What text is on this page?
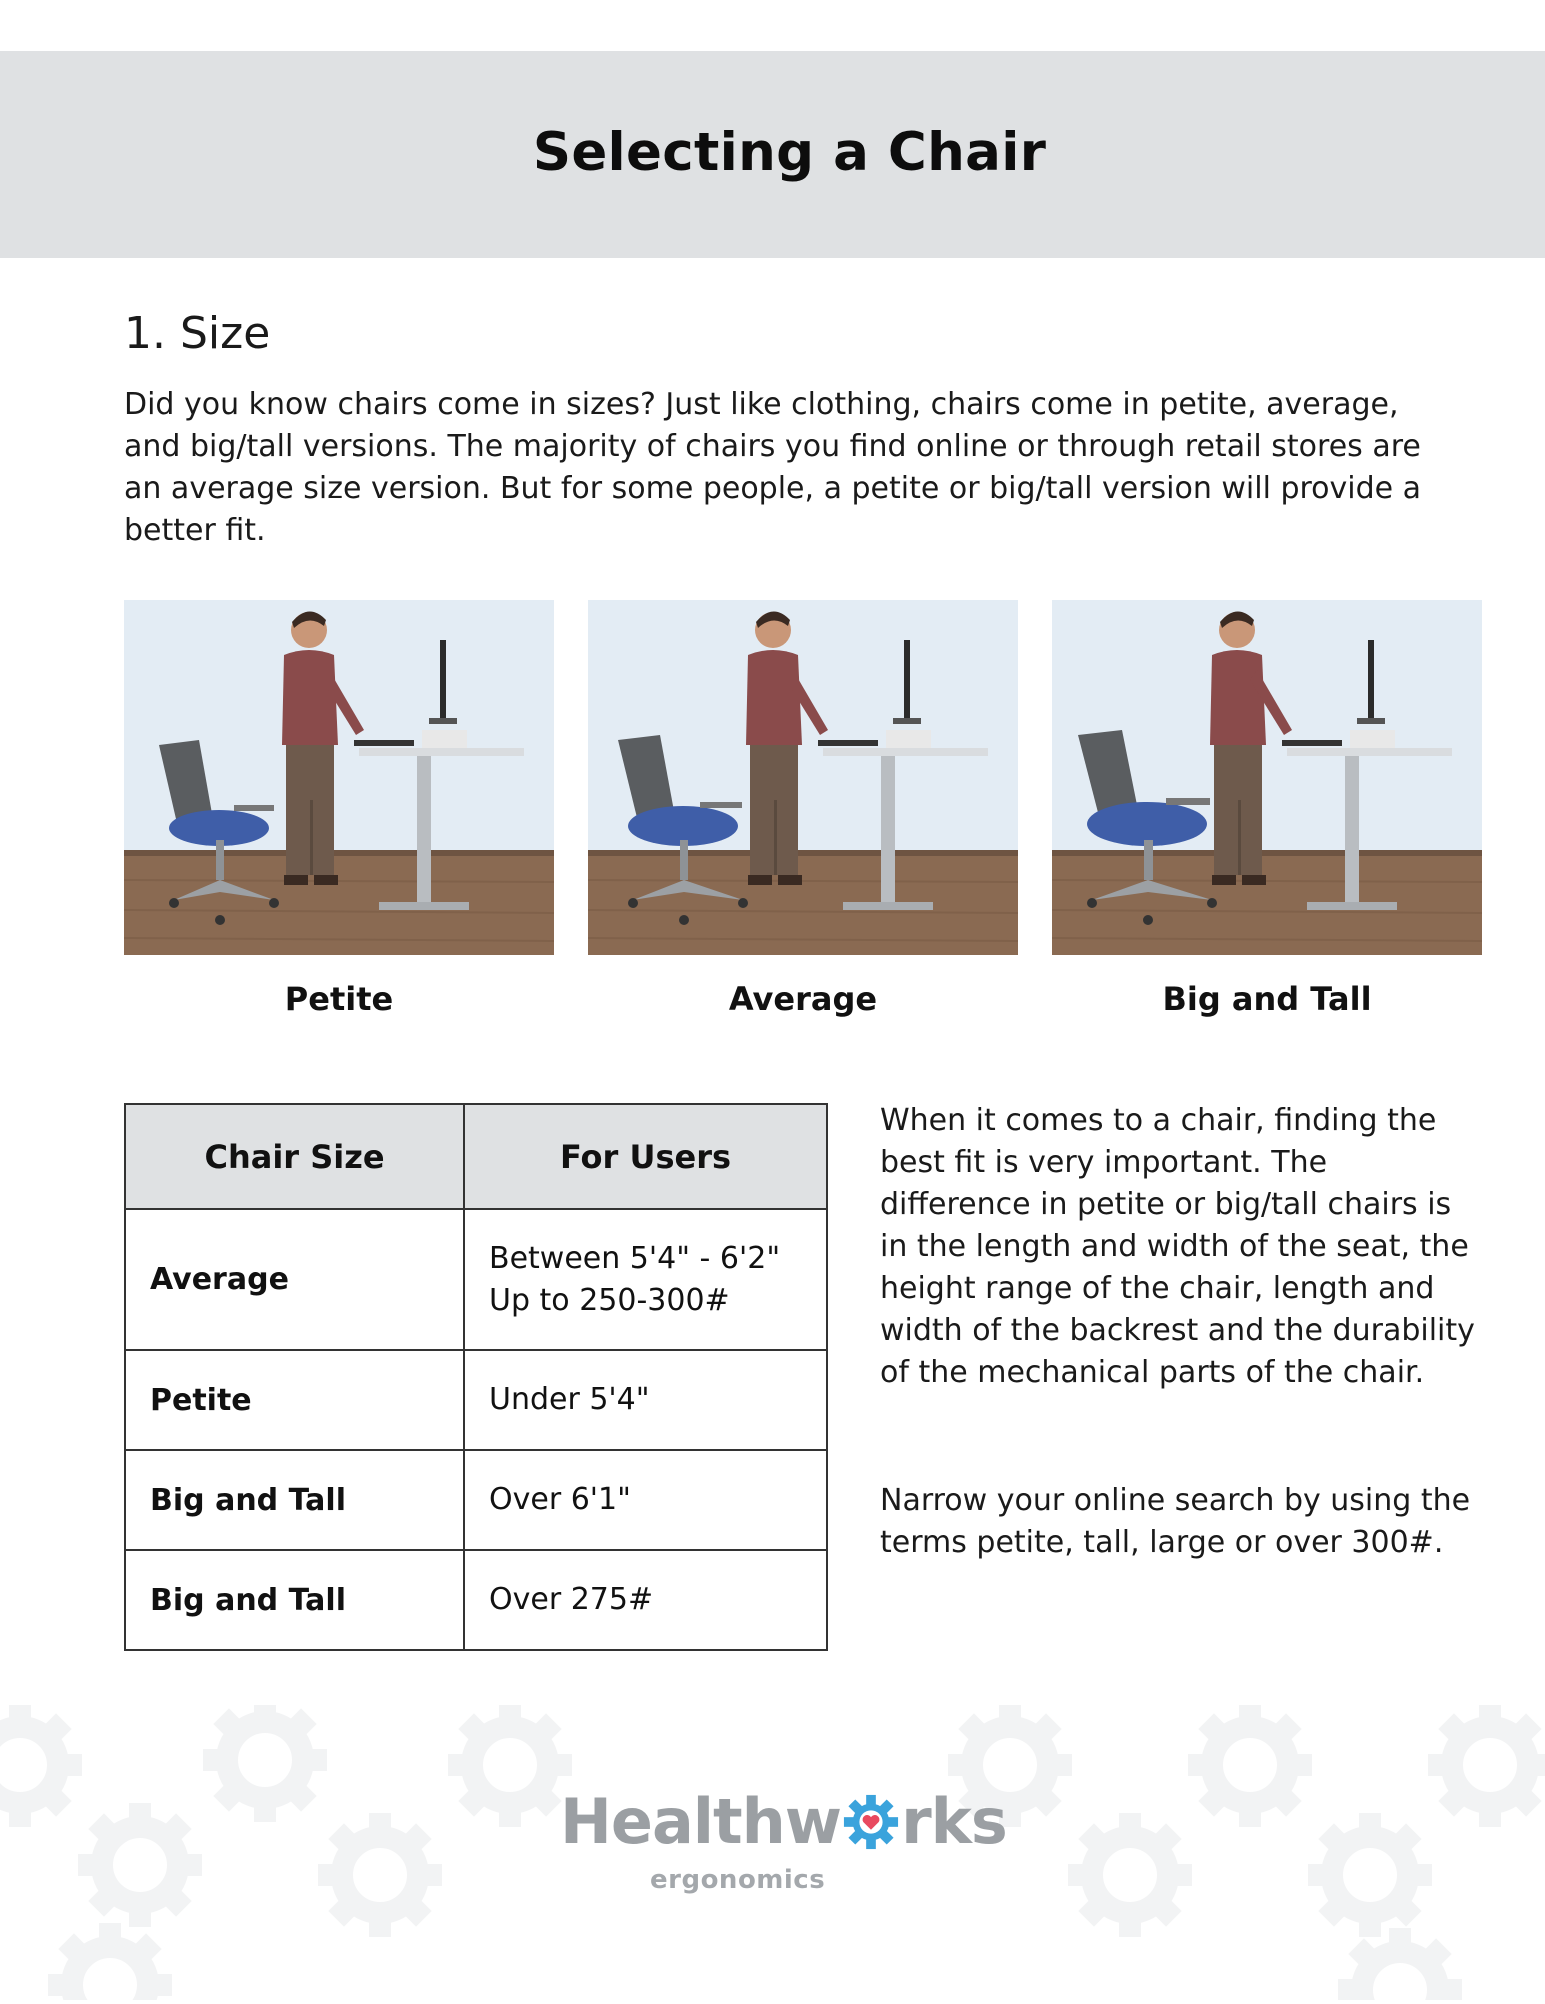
Selecting a Chair
1. Size

Did you know chairs come in sizes? Just like clothing, chairs come in petite, average, and big/tall versions. The majority of chairs you find online or through retail stores are an average size version. But for some people, a petite or big/tall version will provide a better fit.

Petite	Average	Big and Tall
Chair Size	For Users
Average	Between 5'4" - 6'2"
Up to 250-300#

Petite	Under 5'4"
Big and Tall	Over 6'1"
Big and Tall	Over 275#

When it comes to a chair, finding the best fit is very important. The difference in petite or big/tall chairs is in the length and width of the seat, the height range of the chair, length and width of the backrest and the durability of the mechanical parts of the chair.

Narrow your online search by using the terms petite, tall, large or over 300#.

Healthw rks
ergonomics
